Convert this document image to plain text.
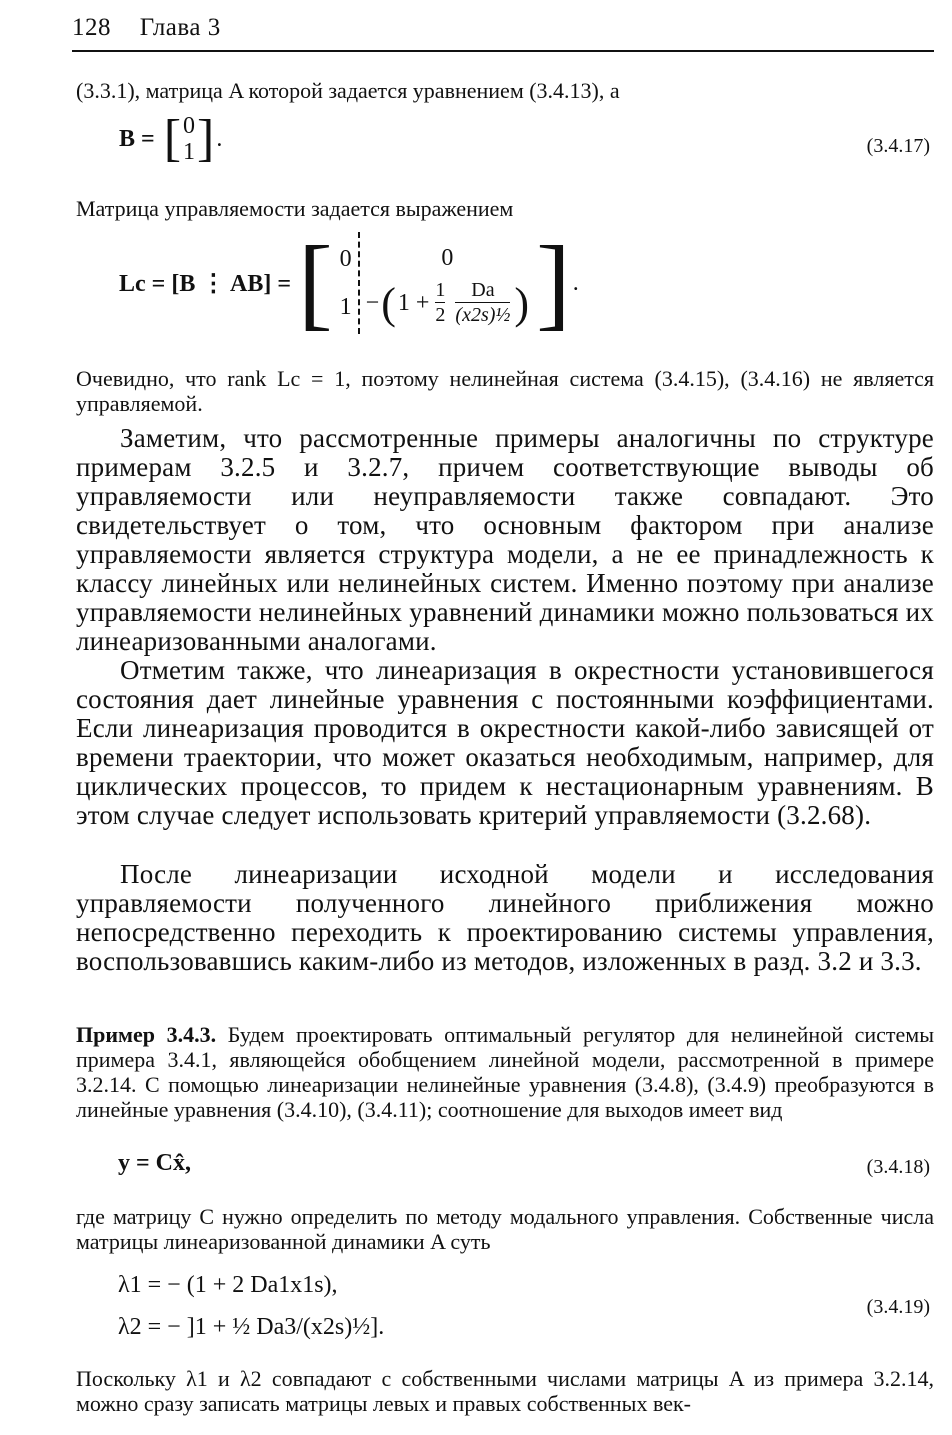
128 Глава 3
(3.3.1), матрица A которой задается уравнением (3.4.13), а
B =	[	0
1	]	.	(3.4.17)
Матрица управляемости задается выражением
Lc = [B ⋮ AB] =	[	0
1

0
− ( $1 + \frac{1}{2} \frac{Da}{\text{(x2s)½}}$ )	]	.
Очевидно, что rank Lc = 1, поэтому нелинейная система (3.4.15), (3.4.16) не является управляемой.
Заметим, что рассмотренные примеры аналогичны по структуре примерам 3.2.5 и 3.2.7, причем соответствующие выводы об управляемости или неуправляемости также совпадают. Это свидетельствует о том, что основным фактором при анализе управляемости является структура модели, а не ее принадлежность к классу линейных или нелинейных систем. Именно поэтому при анализе управляемости нелинейных уравнений динамики можно пользоваться их линеаризованными аналогами.
Отметим также, что линеаризация в окрестности установившегося состояния дает линейные уравнения с постоянными коэффициентами. Если линеаризация проводится в окрестности какой-либо зависящей от времени траектории, что может оказаться необходимым, например, для циклических процессов, то придем к нестационарным уравнениям. В этом случае следует использовать критерий управляемости (3.2.68).
После линеаризации исходной модели и исследования управляемости полученного линейного приближения можно непосредственно переходить к проектированию системы управления, воспользовавшись каким-либо из методов, изложенных в разд. 3.2 и 3.3.

Пример 3.4.3. Будем проектировать оптимальный регулятор для нелинейной системы примера 3.4.1, являющейся обобщением линейной модели, рассмотренной в примере 3.2.14. С помощью линеаризации нелинейные уравнения (3.4.8), (3.4.9) преобразуются в линейные уравнения (3.4.10), (3.4.11); соотношение для выходов имеет вид

y = Cx̂,	(3.4.18)
где матрицу C нужно определить по методу модального управления. Собственные числа матрицы линеаризованной динамики A суть
λ1 = − (1 + 2 Da1x1s),
λ2 = − ]1 + ½ Da3/(x2s)½].
(3.4.19)
Поскольку λ1 и λ2 совпадают с собственными числами матрицы A из примера 3.2.14, можно сразу записать матрицы левых и правых собственных век-
